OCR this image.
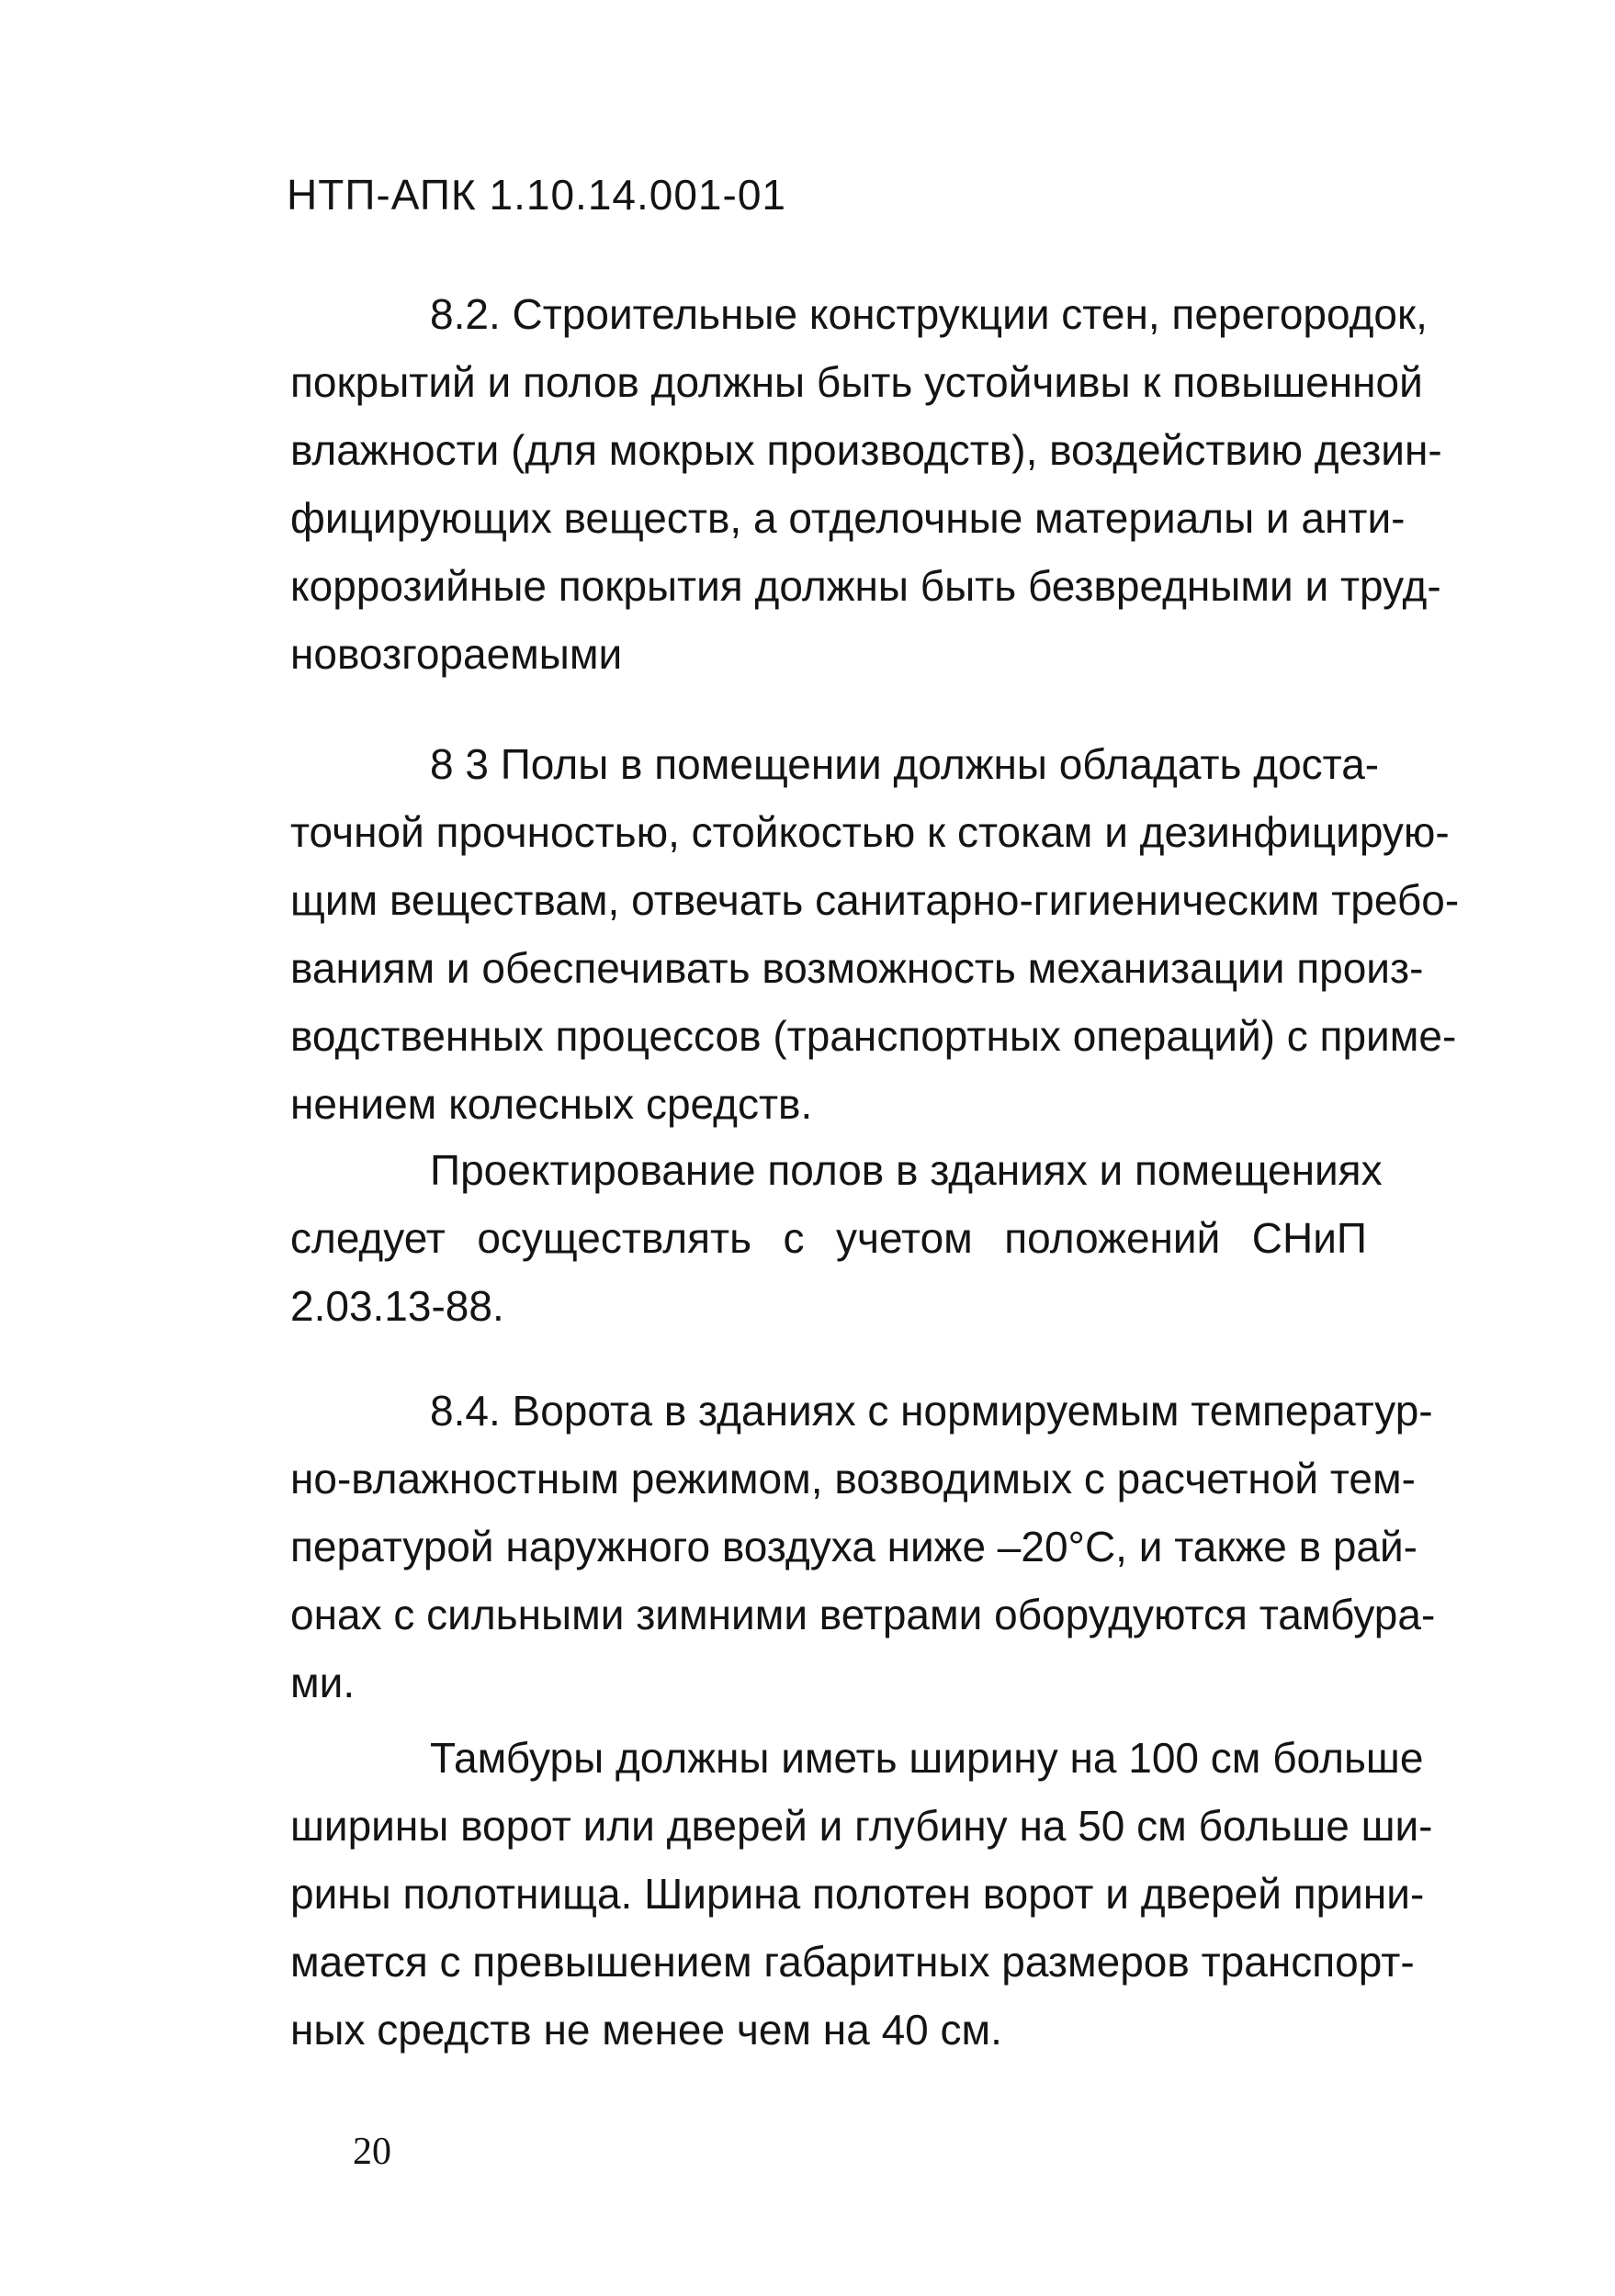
НТП-АПК 1.10.14.001-01
8.2. Строительные конструкции стен, перегородок,
покрытий и полов должны быть устойчивы к повышенной
влажности (для мокрых производств), воздействию дезин-
фицирующих веществ, а отделочные материалы и анти-
коррозийные покрытия должны быть безвредными и труд-
новозгораемыми
8 3 Полы в помещении должны обладать доста-
точной прочностью, стойкостью к стокам и дезинфицирую-
щим веществам, отвечать санитарно-гигиеническим требо-
ваниям и обеспечивать возможность механизации произ-
водственных процессов (транспортных операций) с приме-
нением колесных средств.
Проектирование полов в зданиях и помещениях
следует осуществлять с учетом положений СНиП
2.03.13-88.
8.4. Ворота в зданиях с нормируемым температур-
но-влажностным режимом, возводимых с расчетной тем-
пературой наружного воздуха ниже –20°С, и также в рай-
онах с сильными зимними ветрами оборудуются тамбура-
ми.
Тамбуры должны иметь ширину на 100 см больше
ширины ворот или дверей и глубину на 50 см больше ши-
рины полотнища. Ширина полотен ворот и дверей прини-
мается с превышением габаритных размеров транспорт-
ных средств не менее чем на 40 см.
20
